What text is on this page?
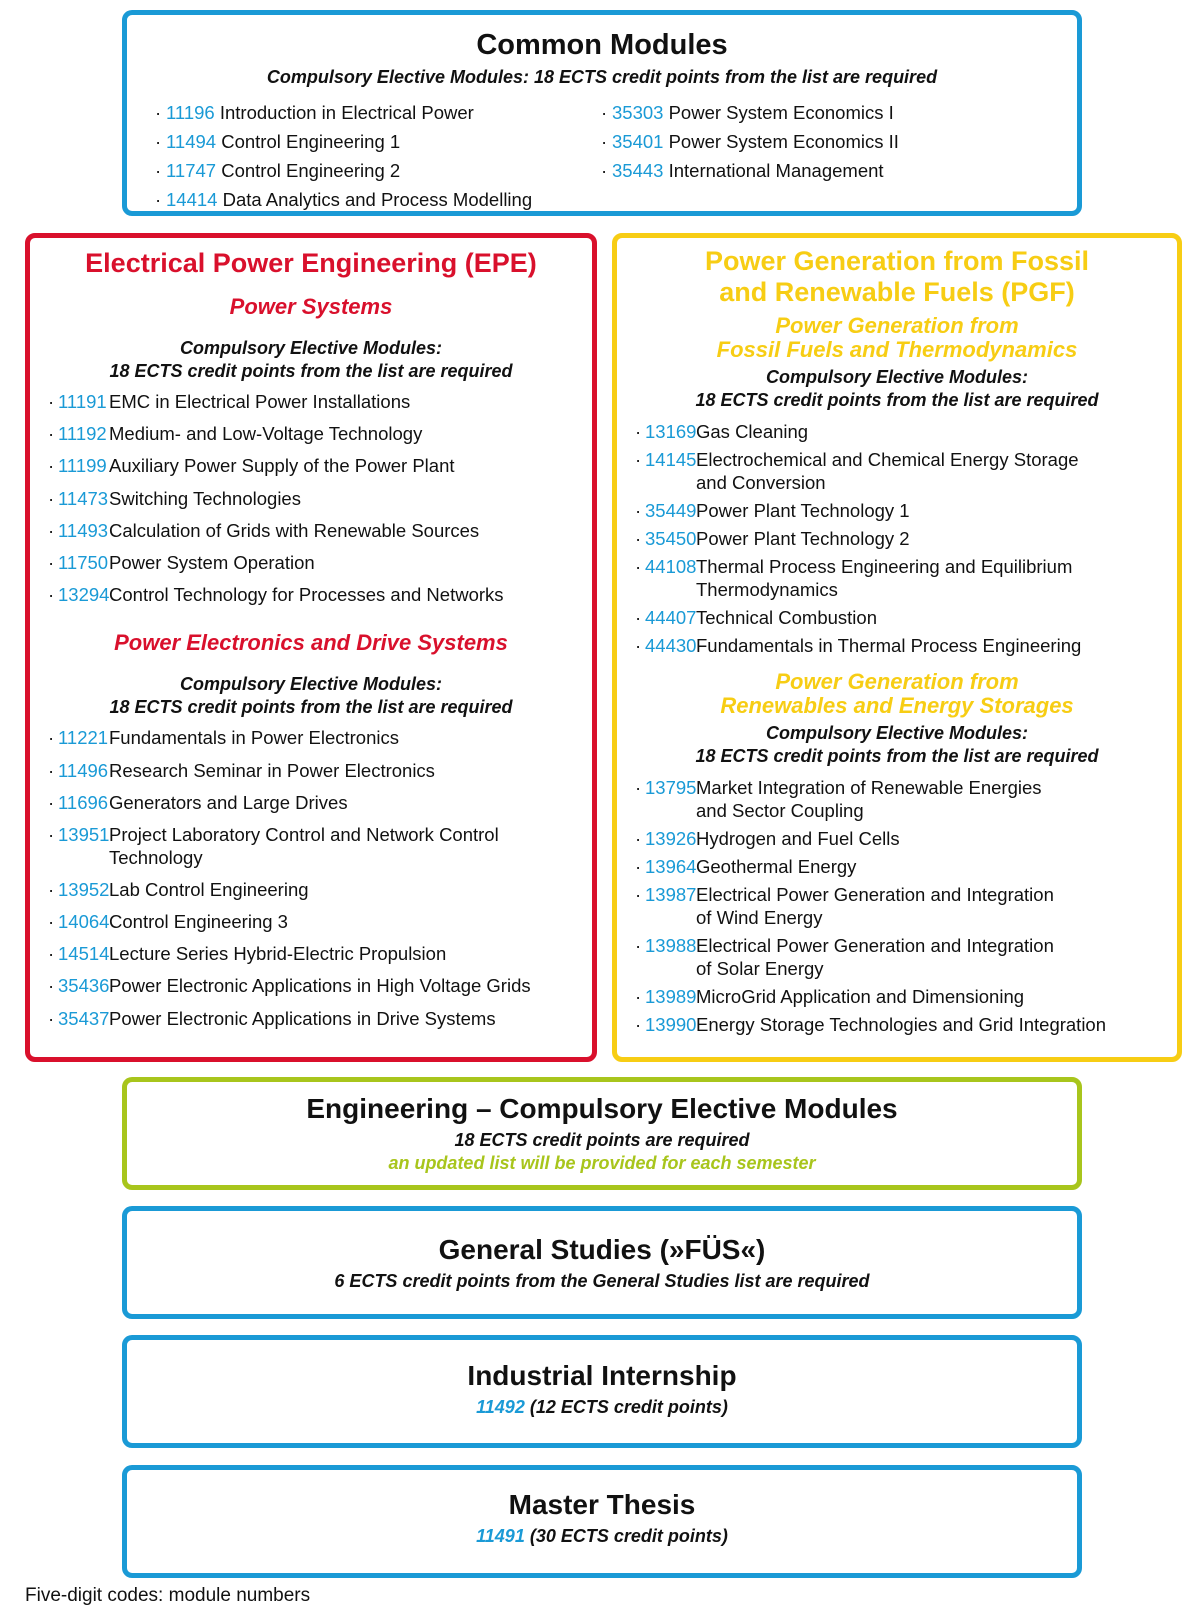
Common Modules
Compulsory Elective Modules: 18 ECTS credit points from the list are required
· 11196 Introduction in Electrical Power
· 11494 Control Engineering 1
· 11747 Control Engineering 2
· 14414 Data Analytics and Process Modelling
· 35303 Power System Economics I
· 35401 Power System Economics II
· 35443 International Management
Electrical Power Engineering (EPE)
Power Systems
Compulsory Elective Modules:
18 ECTS credit points from the list are required
· 11191 EMC in Electrical Power Installations
· 11192 Medium- and Low-Voltage Technology
· 11199 Auxiliary Power Supply of the Power Plant
· 11473 Switching Technologies
· 11493 Calculation of Grids with Renewable Sources
· 11750 Power System Operation
· 13294 Control Technology for Processes and Networks
Power Electronics and Drive Systems
Compulsory Elective Modules:
18 ECTS credit points from the list are required
· 11221 Fundamentals in Power Electronics
· 11496 Research Seminar in Power Electronics
· 11696 Generators and Large Drives
· 13951 Project Laboratory Control and Network Control Technology
· 13952 Lab Control Engineering
· 14064 Control Engineering 3
· 14514 Lecture Series Hybrid-Electric Propulsion
· 35436 Power Electronic Applications in High Voltage Grids
· 35437 Power Electronic Applications in Drive Systems
Power Generation from Fossil
and Renewable Fuels (PGF)
Power Generation from
Fossil Fuels and Thermodynamics
Compulsory Elective Modules:
18 ECTS credit points from the list are required
· 13169 Gas Cleaning
· 14145 Electrochemical and Chemical Energy Storage
and Conversion
· 35449 Power Plant Technology 1
· 35450 Power Plant Technology 2
· 44108 Thermal Process Engineering and Equilibrium
Thermodynamics
· 44407 Technical Combustion
· 44430 Fundamentals in Thermal Process Engineering
Power Generation from
Renewables and Energy Storages
Compulsory Elective Modules:
18 ECTS credit points from the list are required
· 13795 Market Integration of Renewable Energies
and Sector Coupling
· 13926 Hydrogen and Fuel Cells
· 13964 Geothermal Energy
· 13987 Electrical Power Generation and Integration
of Wind Energy
· 13988 Electrical Power Generation and Integration
of Solar Energy
· 13989 MicroGrid Application and Dimensioning
· 13990 Energy Storage Technologies and Grid Integration
Engineering – Compulsory Elective Modules
18 ECTS credit points are required
an updated list will be provided for each semester
General Studies (»FÜS«)
6 ECTS credit points from the General Studies list are required
Industrial Internship
11492 (12 ECTS credit points)
Master Thesis
11491 (30 ECTS credit points)
Five-digit codes: module numbers
